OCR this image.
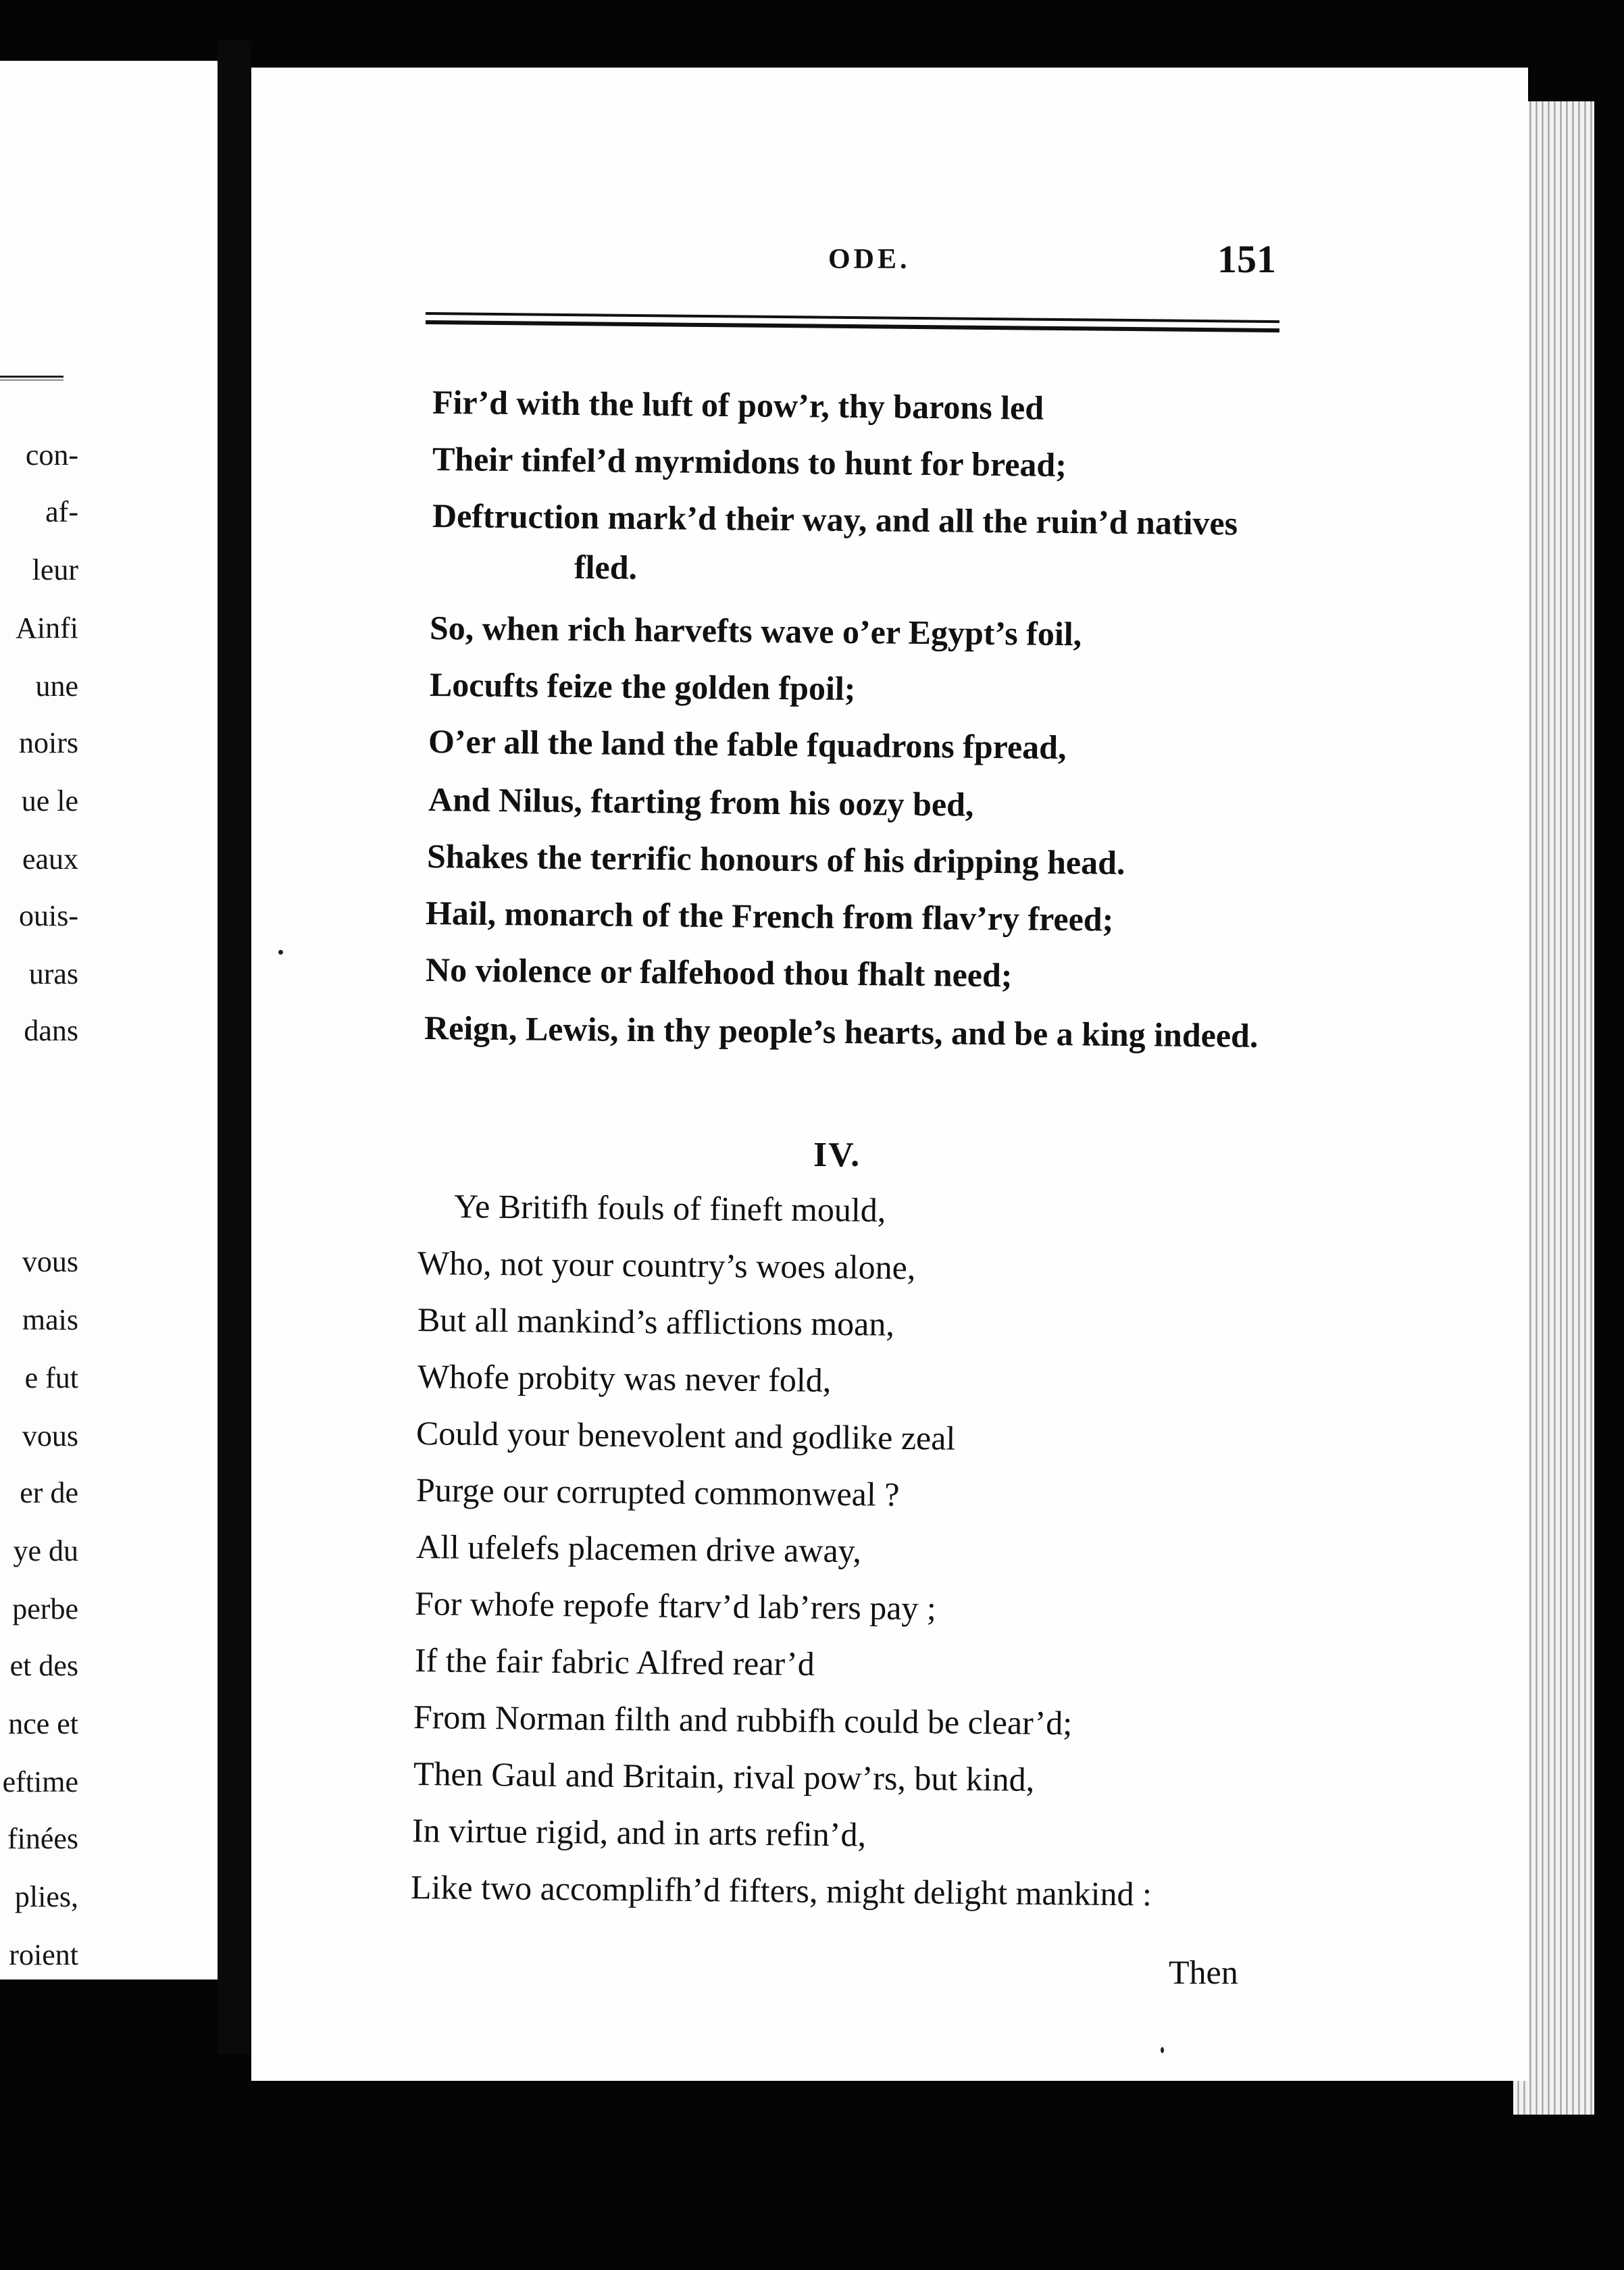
con-
af-
leur
Ainfi
une
noirs
ue le
eaux
ouis-
uras
dans
vous
mais
e fut
vous
er de
ye du
perbe
et des
nce et
eftime
finées
plies,
roient
ODE.	151
Fir’d with the luft of pow’r, thy barons led
Their tinfel’d myrmidons to hunt for bread;
Deftruction mark’d their way, and all the ruin’d natives
fled.
So, when rich harvefts wave o’er Egypt’s foil,
Locufts feize the golden fpoil;
O’er all the land the fable fquadrons fpread,
And Nilus, ftarting from his oozy bed,
Shakes the terrific honours of his dripping head.
Hail, monarch of the French from flav’ry freed;
No violence or falfehood thou fhalt need;
Reign, Lewis, in thy people’s hearts, and be a king indeed.
IV.
Ye Britifh fouls of fineft mould,
Who, not your country’s woes alone,
But all mankind’s afflictions moan,
Whofe probity was never fold,
Could your benevolent and godlike zeal
Purge our corrupted commonweal ?
All ufelefs placemen drive away,
For whofe repofe ftarv’d lab’rers pay ;
If the fair fabric Alfred rear’d
From Norman filth and rubbifh could be clear’d;
Then Gaul and Britain, rival pow’rs, but kind,
In virtue rigid, and in arts refin’d,
Like two accomplifh’d fifters, might delight mankind :
Then
